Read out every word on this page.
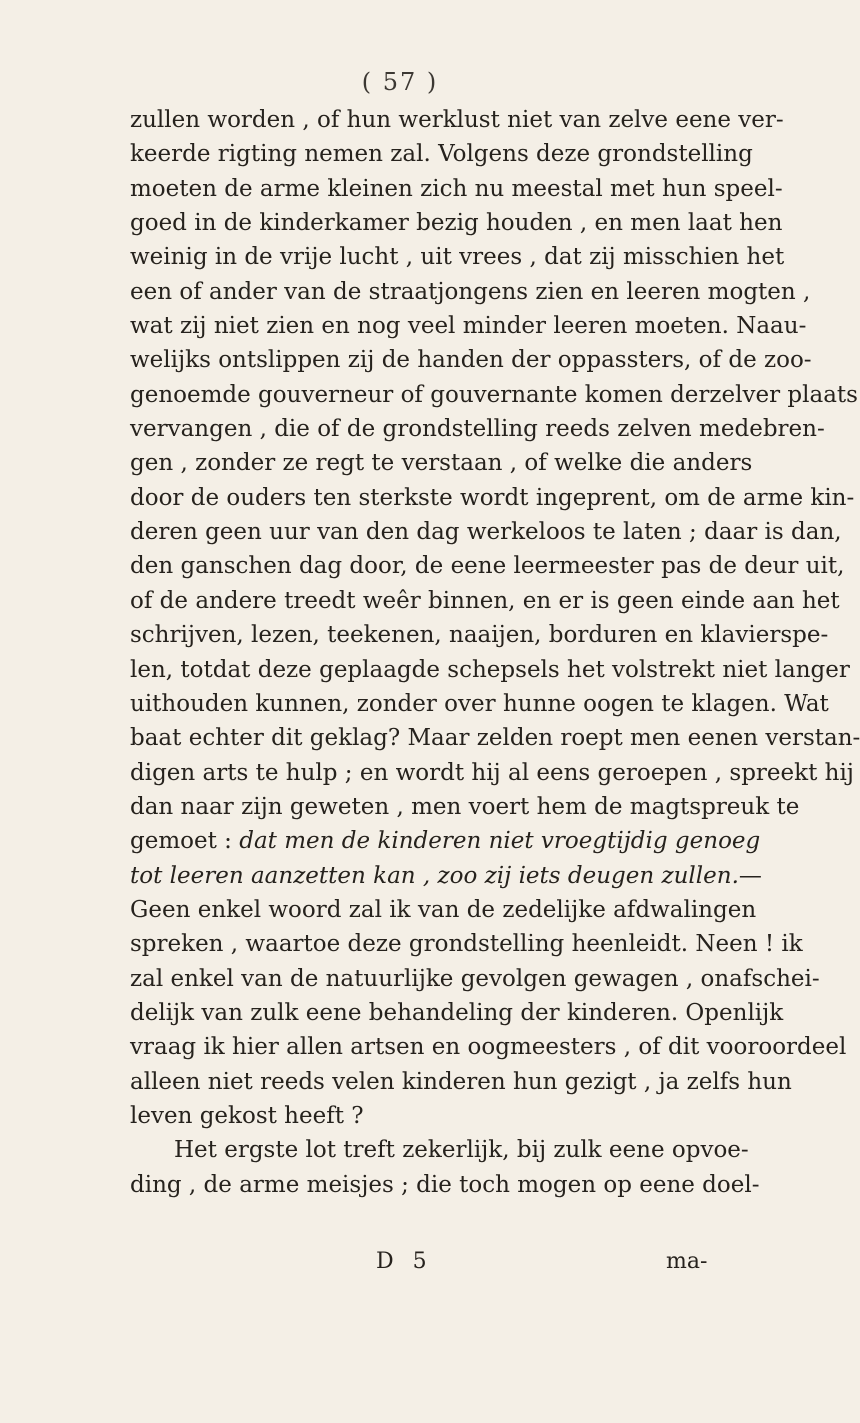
( 57 )
zullen worden , of hun werklust niet van zelve eene ver-
keerde rigting nemen zal. Volgens deze grondstelling
moeten de arme kleinen zich nu meestal met hun speel-
goed in de kinderkamer bezig houden , en men laat hen
weinig in de vrije lucht , uit vrees , dat zij misschien het
een of ander van de straatjongens zien en leeren mogten ,
wat zij niet zien en nog veel minder leeren moeten. Naau-
welijks ontslippen zij de handen der oppassters, of de zoo-
genoemde gouverneur of gouvernante komen derzelver plaats
vervangen , die of de grondstelling reeds zelven medebren-
gen , zonder ze regt te verstaan , of welke die anders
door de ouders ten sterkste wordt ingeprent, om de arme kin-
deren geen uur van den dag werkeloos te laten ; daar is dan,
den ganschen dag door, de eene leermeester pas de deur uit,
of de andere treedt weêr binnen, en er is geen einde aan het
schrijven, lezen, teekenen, naaijen, borduren en klavierspe-
len, totdat deze geplaagde schepsels het volstrekt niet langer
uithouden kunnen, zonder over hunne oogen te klagen. Wat
baat echter dit geklag? Maar zelden roept men eenen verstan-
digen arts te hulp ; en wordt hij al eens geroepen , spreekt hij
dan naar zijn geweten , men voert hem de magtspreuk te
gemoet : dat men de kinderen niet vroegtijdig genoeg
tot leeren aanzetten kan , zoo zij iets deugen zullen.—
Geen enkel woord zal ik van de zedelijke afdwalingen
spreken , waartoe deze grondstelling heenleidt. Neen ! ik
zal enkel van de natuurlijke gevolgen gewagen , onafschei-
delijk van zulk eene behandeling der kinderen. Openlijk
vraag ik hier allen artsen en oogmeesters , of dit vooroordeel
alleen niet reeds velen kinderen hun gezigt , ja zelfs hun
leven gekost heeft ?
Het ergste lot treft zekerlijk, bij zulk eene opvoe-
ding , de arme meisjes ; die toch mogen op eene doel-
D 5	ma-
